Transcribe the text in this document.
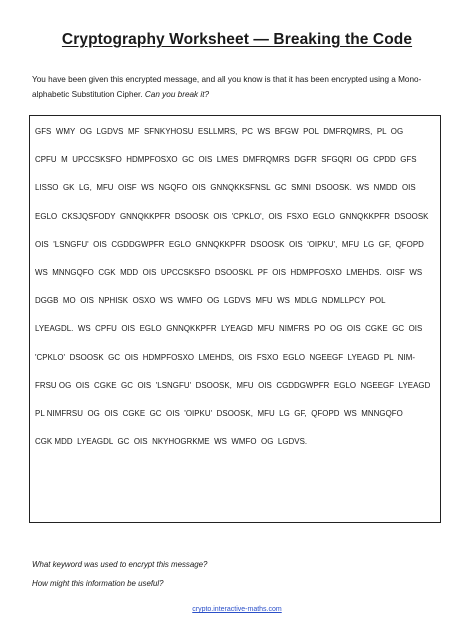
Cryptography Worksheet — Breaking the Code

You have been given this encrypted message, and all you know is that it has been encrypted using a Mono-alphabetic Substitution Cipher. Can you break it?

GFS  WMY  OG  LGDVS  MF  SFNKYHOSU  ESLLMRS,  PC  WS  BFGW  POL  DMFRQMRS,  PL  OG
CPFU  M  UPCCSKSFO  HDMPFOSXO  GC  OIS  LMES  DMFRQMRS  DGFR  SFGQRI  OG  CPDD  GFS
LISSO  GK  LG,  MFU  OISF  WS  NGQFO  OIS  GNNQKKSFNSL  GC  SMNI  DSOOSK.  WS  NMDD  OIS
EGLO  CKSJQSFODY  GNNQKKPFR  DSOOSK  OIS  'CPKLO',  OIS  FSXO  EGLO  GNNQKKPFR  DSOOSK
OIS  'LSNGFU'  OIS  CGDDGWPFR  EGLO  GNNQKKPFR  DSOOSK  OIS  'OIPKU',  MFU  LG  GF,  QFOPD
WS  MNNGQFO  CGK  MDD  OIS  UPCCSKSFO  DSOOSKL  PF  OIS  HDMPFOSXO  LMEHDS.  OISF  WS
DGGB  MO  OIS  NPHISK  OSXO  WS  WMFO  OG  LGDVS  MFU  WS  MDLG  NDMLLPCY  POL
LYEAGDL.  WS  CPFU  OIS  EGLO  GNNQKKPFR  LYEAGD  MFU  NIMFRS  PO  OG  OIS  CGKE  GC  OIS
'CPKLO'  DSOOSK  GC  OIS  HDMPFOSXO  LMEHDS,  OIS  FSXO  EGLO  NGEEGF  LYEAGD  PL  NIM-
FRSU OG  OIS  CGKE  GC  OIS  'LSNGFU'  DSOOSK,  MFU  OIS  CGDDGWPFR  EGLO  NGEEGF  LYEAGD
PL NIMFRSU  OG  OIS  CGKE  GC  OIS  'OIPKU'  DSOOSK,  MFU  LG  GF,  QFOPD  WS  MNNGQFO
CGK MDD  LYEAGDL  GC  OIS  NKYHOGRKME  WS  WMFO  OG  LGDVS.
What keyword was used to encrypt this message?
How might this information be useful?
crypto.interactive-maths.com
